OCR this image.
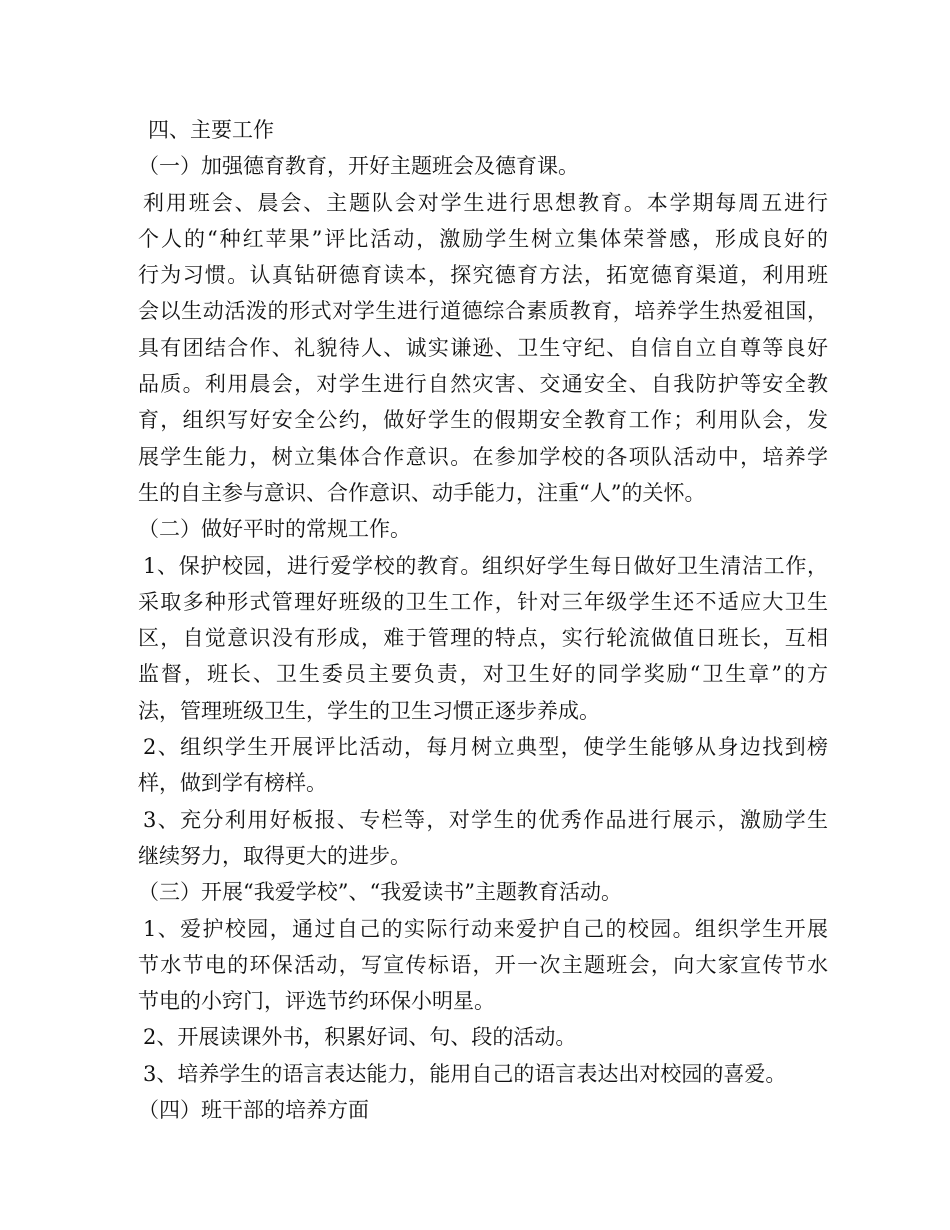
四、主要工作
（一）加强德育教育，开好主题班会及德育课。
利用班会、晨会、主题队会对学生进行思想教育。本学期每周五进行
个人的“种红苹果”评比活动，激励学生树立集体荣誉感，形成良好的
行为习惯。认真钻研德育读本，探究德育方法，拓宽德育渠道，利用班
会以生动活泼的形式对学生进行道德综合素质教育，培养学生热爱祖国，
具有团结合作、礼貌待人、诚实谦逊、卫生守纪、自信自立自尊等良好
品质。利用晨会，对学生进行自然灾害、交通安全、自我防护等安全教
育，组织写好安全公约，做好学生的假期安全教育工作；利用队会，发
展学生能力，树立集体合作意识。在参加学校的各项队活动中，培养学
生的自主参与意识、合作意识、动手能力，注重“人”的关怀。
（二）做好平时的常规工作。
1、保护校园，进行爱学校的教育。组织好学生每日做好卫生清洁工作，
采取多种形式管理好班级的卫生工作，针对三年级学生还不适应大卫生
区，自觉意识没有形成，难于管理的特点，实行轮流做值日班长，互相
监督，班长、卫生委员主要负责，对卫生好的同学奖励“卫生章”的方
法，管理班级卫生，学生的卫生习惯正逐步养成。
2、组织学生开展评比活动，每月树立典型，使学生能够从身边找到榜
样，做到学有榜样。
3、充分利用好板报、专栏等，对学生的优秀作品进行展示，激励学生
继续努力，取得更大的进步。
（三）开展“我爱学校”、“我爱读书”主题教育活动。
1、爱护校园，通过自己的实际行动来爱护自己的校园。组织学生开展
节水节电的环保活动，写宣传标语，开一次主题班会，向大家宣传节水
节电的小窍门，评选节约环保小明星。
2、开展读课外书，积累好词、句、段的活动。
3、培养学生的语言表达能力，能用自己的语言表达出对校园的喜爱。
（四）班干部的培养方面
